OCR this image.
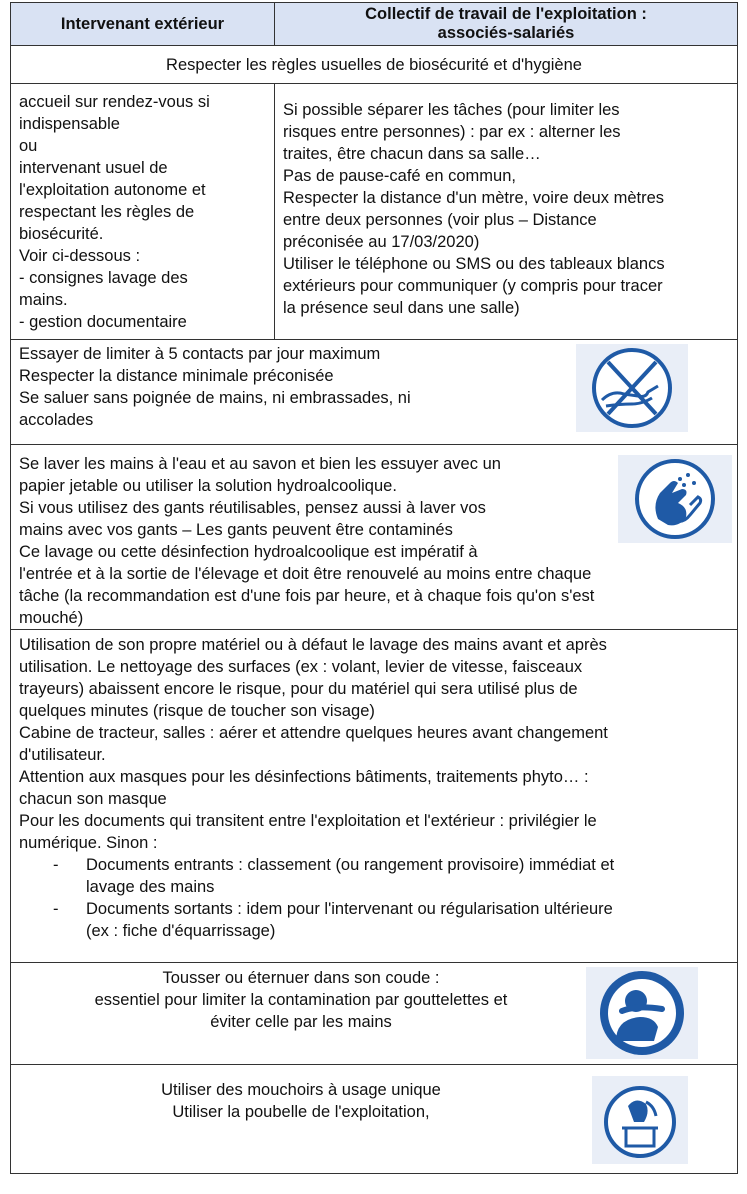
Intervenant extérieur
Collectif de travail de l'exploitation :
associés-salariés
Respecter les règles usuelles de biosécurité et d'hygiène
accueil sur rendez-vous si
indispensable
ou
intervenant usuel de
l'exploitation autonome et
respectant les règles de
biosécurité.
Voir ci-dessous :
- consignes lavage des
mains.
- gestion documentaire
Si possible séparer les tâches (pour limiter les
risques entre personnes) : par ex : alterner les
traites, être chacun dans sa salle…
Pas de pause-café en commun,
Respecter la distance d'un mètre, voire deux mètres
entre deux personnes (voir plus – Distance
préconisée au 17/03/2020)
Utiliser le téléphone ou SMS ou des tableaux blancs
extérieurs pour communiquer (y compris pour tracer
la présence seul dans une salle)
Essayer de limiter à 5 contacts par jour maximum
Respecter la distance minimale préconisée
Se saluer sans poignée de mains, ni embrassades, ni
accolades
Se laver les mains à l'eau et au savon et bien les essuyer avec un
papier jetable ou utiliser la solution hydroalcoolique.
Si vous utilisez des gants réutilisables, pensez aussi à laver vos
mains avec vos gants – Les gants peuvent être contaminés
Ce lavage ou cette désinfection hydroalcoolique est impératif à
l'entrée et à la sortie de l'élevage et doit être renouvelé au moins entre chaque
tâche (la recommandation est d'une fois par heure, et à chaque fois qu'on s'est
mouché)
Utilisation de son propre matériel ou à défaut le lavage des mains avant et après
utilisation. Le nettoyage des surfaces (ex : volant, levier de vitesse, faisceaux
trayeurs) abaissent encore le risque, pour du matériel qui sera utilisé plus de
quelques minutes (risque de toucher son visage)
Cabine de tracteur, salles : aérer et attendre quelques heures avant changement
d'utilisateur.
Attention aux masques pour les désinfections bâtiments, traitements phyto… :
chacun son masque
Pour les documents qui transitent entre l'exploitation et l'extérieur : privilégier le
numérique. Sinon :
- Documents entrants : classement (ou rangement provisoire) immédiat et
lavage des mains
- Documents sortants : idem pour l'intervenant ou régularisation ultérieure
(ex : fiche d'équarrissage)
Tousser ou éternuer dans son coude :
essentiel pour limiter la contamination par gouttelettes et
éviter celle par les mains
Utiliser des mouchoirs à usage unique
Utiliser la poubelle de l'exploitation,
